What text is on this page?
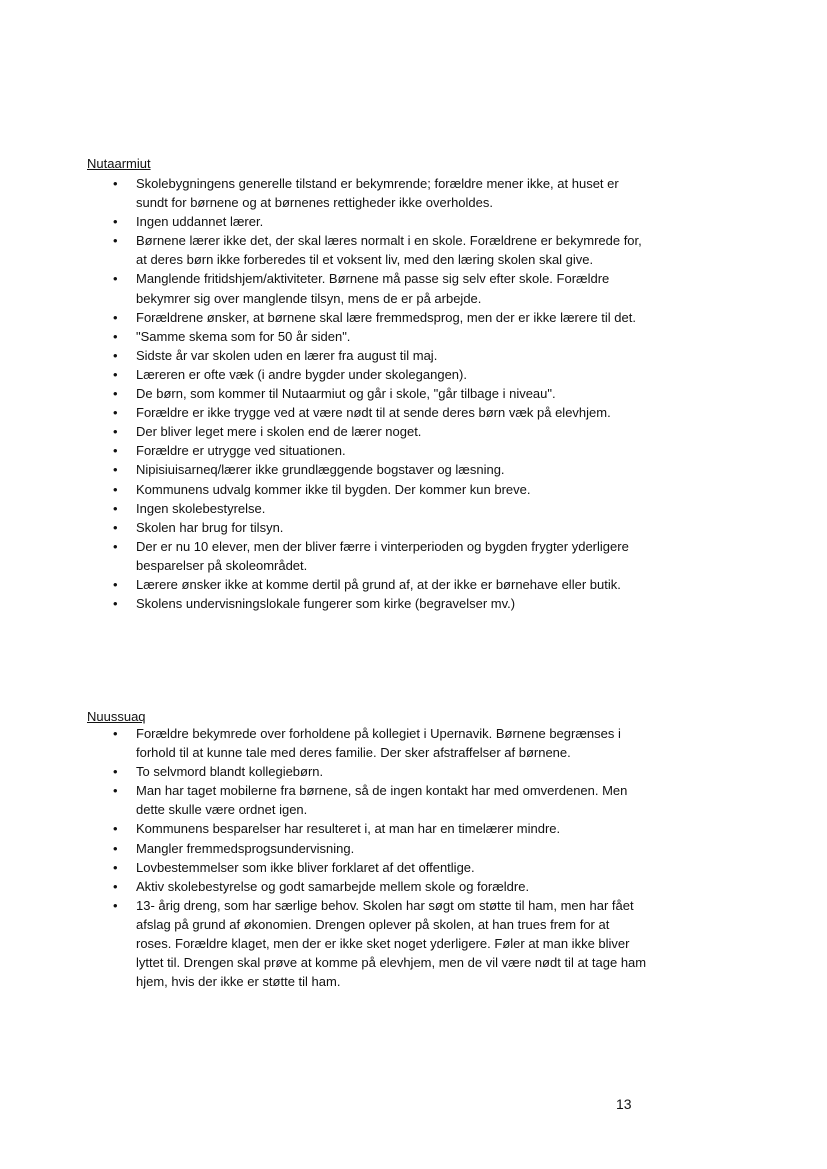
Nutaarmiut
• Skolebygningens generelle tilstand er bekymrende; forældre mener ikke, at huset er sundt for børnene og at børnenes rettigheder ikke overholdes.
• Ingen uddannet lærer.
• Børnene lærer ikke det, der skal læres normalt i en skole. Forældrene er bekymrede for, at deres børn ikke forberedes til et voksent liv, med den læring skolen skal give.
• Manglende fritidshjem/aktiviteter. Børnene må passe sig selv efter skole. Forældre bekymrer sig over manglende tilsyn, mens de er på arbejde.
• Forældrene ønsker, at børnene skal lære fremmedsprog, men der er ikke lærere til det.
• "Samme skema som for 50 år siden".
• Sidste år var skolen uden en lærer fra august til maj.
• Læreren er ofte væk (i andre bygder under skolegangen).
• De børn, som kommer til Nutaarmiut og går i skole, "går tilbage i niveau".
• Forældre er ikke trygge ved at være nødt til at sende deres børn væk på elevhjem.
• Der bliver leget mere i skolen end de lærer noget.
• Forældre er utrygge ved situationen.
• Nipisiuisarneq/lærer ikke grundlæggende bogstaver og læsning.
• Kommunens udvalg kommer ikke til bygden. Der kommer kun breve.
• Ingen skolebestyrelse.
• Skolen har brug for tilsyn.
• Der er nu 10 elever, men der bliver færre i vinterperioden og bygden frygter yderligere besparelser på skoleområdet.
• Lærere ønsker ikke at komme dertil på grund af, at der ikke er børnehave eller butik.
• Skolens undervisningslokale fungerer som kirke (begravelser mv.)
Nuussuaq
• Forældre bekymrede over forholdene på kollegiet i Upernavik. Børnene begrænses i forhold til at kunne tale med deres familie. Der sker afstraffelser af børnene.
• To selvmord blandt kollegiebørn.
• Man har taget mobilerne fra børnene, så de ingen kontakt har med omverdenen. Men dette skulle være ordnet igen.
• Kommunens besparelser har resulteret i, at man har en timelærer mindre.
• Mangler fremmedsprogsundervisning.
• Lovbestemmelser som ikke bliver forklaret af det offentlige.
• Aktiv skolebestyrelse og godt samarbejde mellem skole og forældre.
• 13- årig dreng, som har særlige behov. Skolen har søgt om støtte til ham, men har fået afslag på grund af økonomien. Drengen oplever på skolen, at han trues frem for at roses. Forældre klaget, men der er ikke sket noget yderligere. Føler at man ikke bliver lyttet til. Drengen skal prøve at komme på elevhjem, men de vil være nødt til at tage ham hjem, hvis der ikke er støtte til ham.
13
